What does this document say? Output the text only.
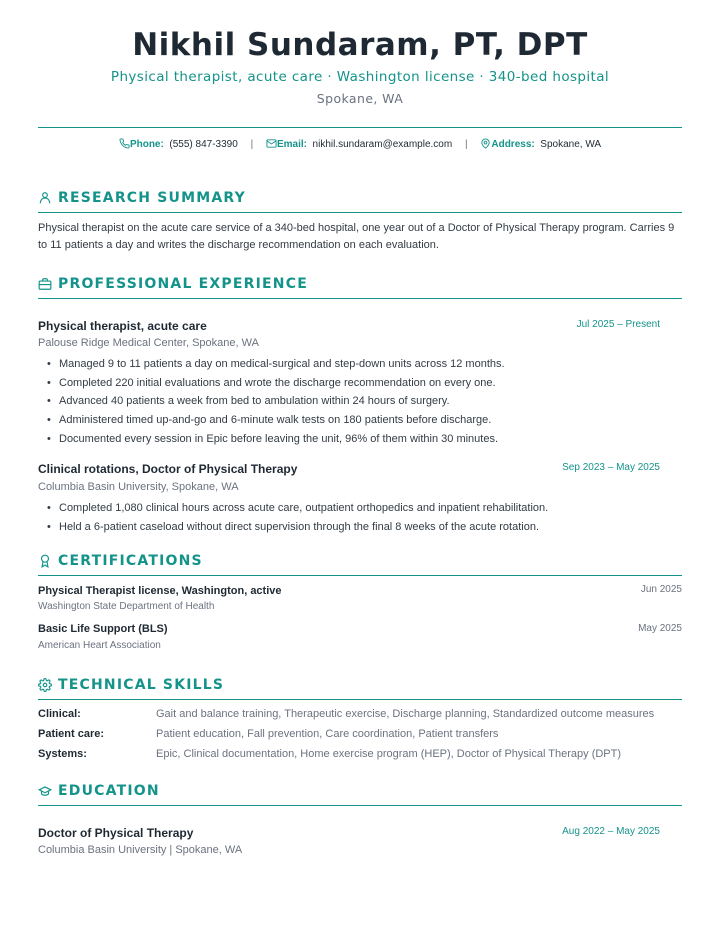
Nikhil Sundaram, PT, DPT
Physical therapist, acute care · Washington license · 340-bed hospital
Spokane, WA
Phone: (555) 847-3390 | Email: nikhil.sundaram@example.com | Address: Spokane, WA
RESEARCH SUMMARY

Physical therapist on the acute care service of a 340-bed hospital, one year out of a Doctor of Physical Therapy program. Carries 9 to 11 patients a day and writes the discharge recommendation on each evaluation.

PROFESSIONAL EXPERIENCE
Physical therapist, acute care	Jul 2025 – Present
Palouse Ridge Medical Center, Spokane, WA
• Managed 9 to 11 patients a day on medical-surgical and step-down units across 12 months.
• Completed 220 initial evaluations and wrote the discharge recommendation on every one.
• Advanced 40 patients a week from bed to ambulation within 24 hours of surgery.
• Administered timed up-and-go and 6-minute walk tests on 180 patients before discharge.
• Documented every session in Epic before leaving the unit, 96% of them within 30 minutes.
Clinical rotations, Doctor of Physical Therapy	Sep 2023 – May 2025
Columbia Basin University, Spokane, WA
• Completed 1,080 clinical hours across acute care, outpatient orthopedics and inpatient rehabilitation.
• Held a 6-patient caseload without direct supervision through the final 8 weeks of the acute rotation.
CERTIFICATIONS
Physical Therapist license, Washington, active	Jun 2025
Washington State Department of Health
Basic Life Support (BLS)	May 2025
American Heart Association
TECHNICAL SKILLS
Clinical:	Gait and balance training, Therapeutic exercise, Discharge planning, Standardized outcome measures
Patient care:	Patient education, Fall prevention, Care coordination, Patient transfers
Systems:	Epic, Clinical documentation, Home exercise program (HEP), Doctor of Physical Therapy (DPT)
EDUCATION
Doctor of Physical Therapy	Aug 2022 – May 2025
Columbia Basin University | Spokane, WA
